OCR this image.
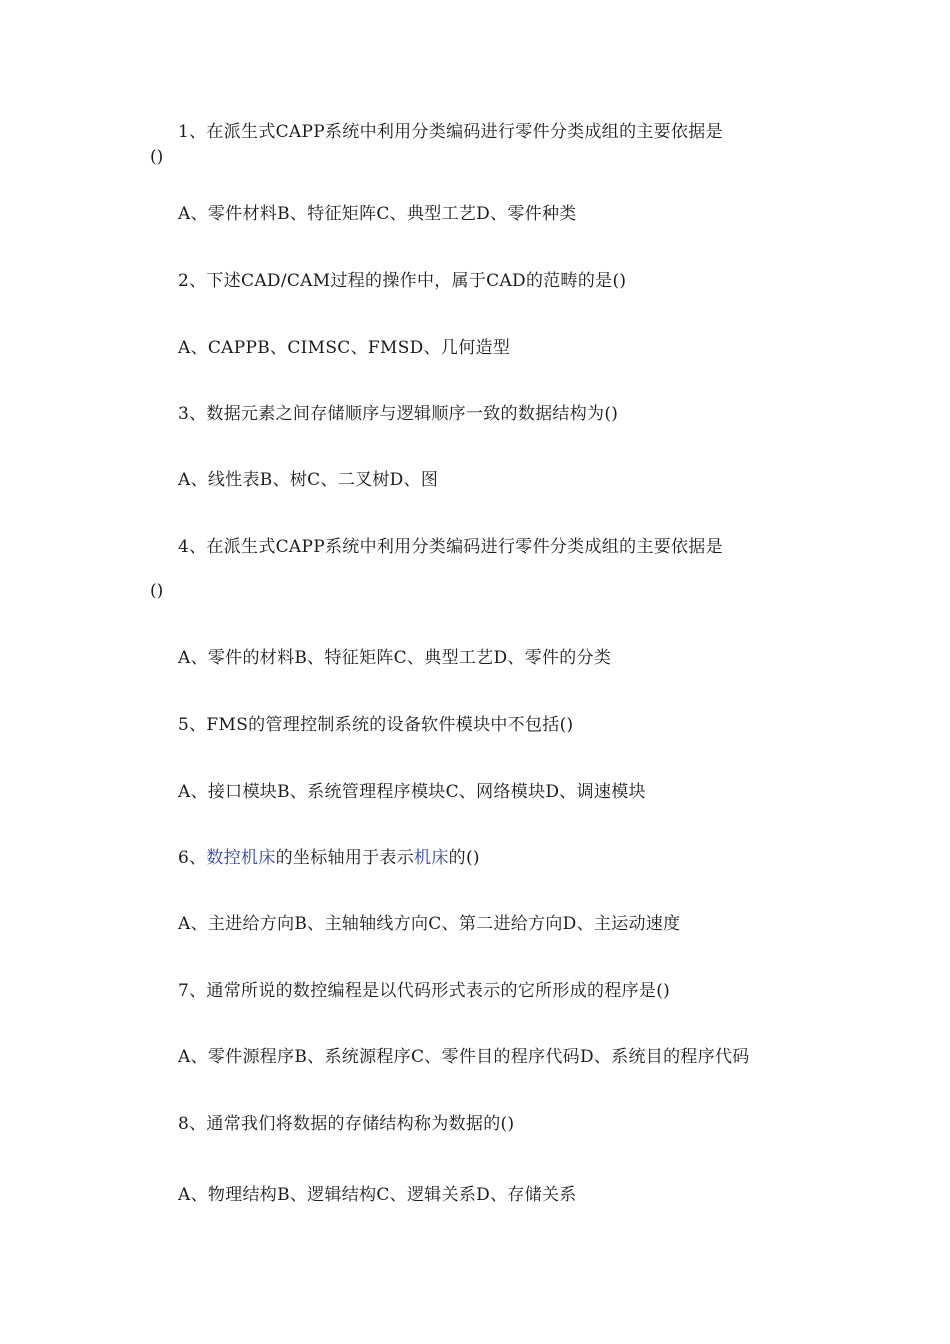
1、在派生式CAPP系统中利用分类编码进行零件分类成组的主要依据是
()
A、零件材料B、特征矩阵C、典型工艺D、零件种类
2、下述CAD/CAM过程的操作中，属于CAD的范畴的是()
A、CAPPB、CIMSC、FMSD、几何造型
3、数据元素之间存储顺序与逻辑顺序一致的数据结构为()
A、线性表B、树C、二叉树D、图
4、在派生式CAPP系统中利用分类编码进行零件分类成组的主要依据是
()
A、零件的材料B、特征矩阵C、典型工艺D、零件的分类
5、FMS的管理控制系统的设备软件模块中不包括()
A、接口模块B、系统管理程序模块C、网络模块D、调速模块
6、数控机床的坐标轴用于表示机床的()
A、主进给方向B、主轴轴线方向C、第二进给方向D、主运动速度
7、通常所说的数控编程是以代码形式表示的它所形成的程序是()
A、零件源程序B、系统源程序C、零件目的程序代码D、系统目的程序代码
8、通常我们将数据的存储结构称为数据的()
A、物理结构B、逻辑结构C、逻辑关系D、存储关系
